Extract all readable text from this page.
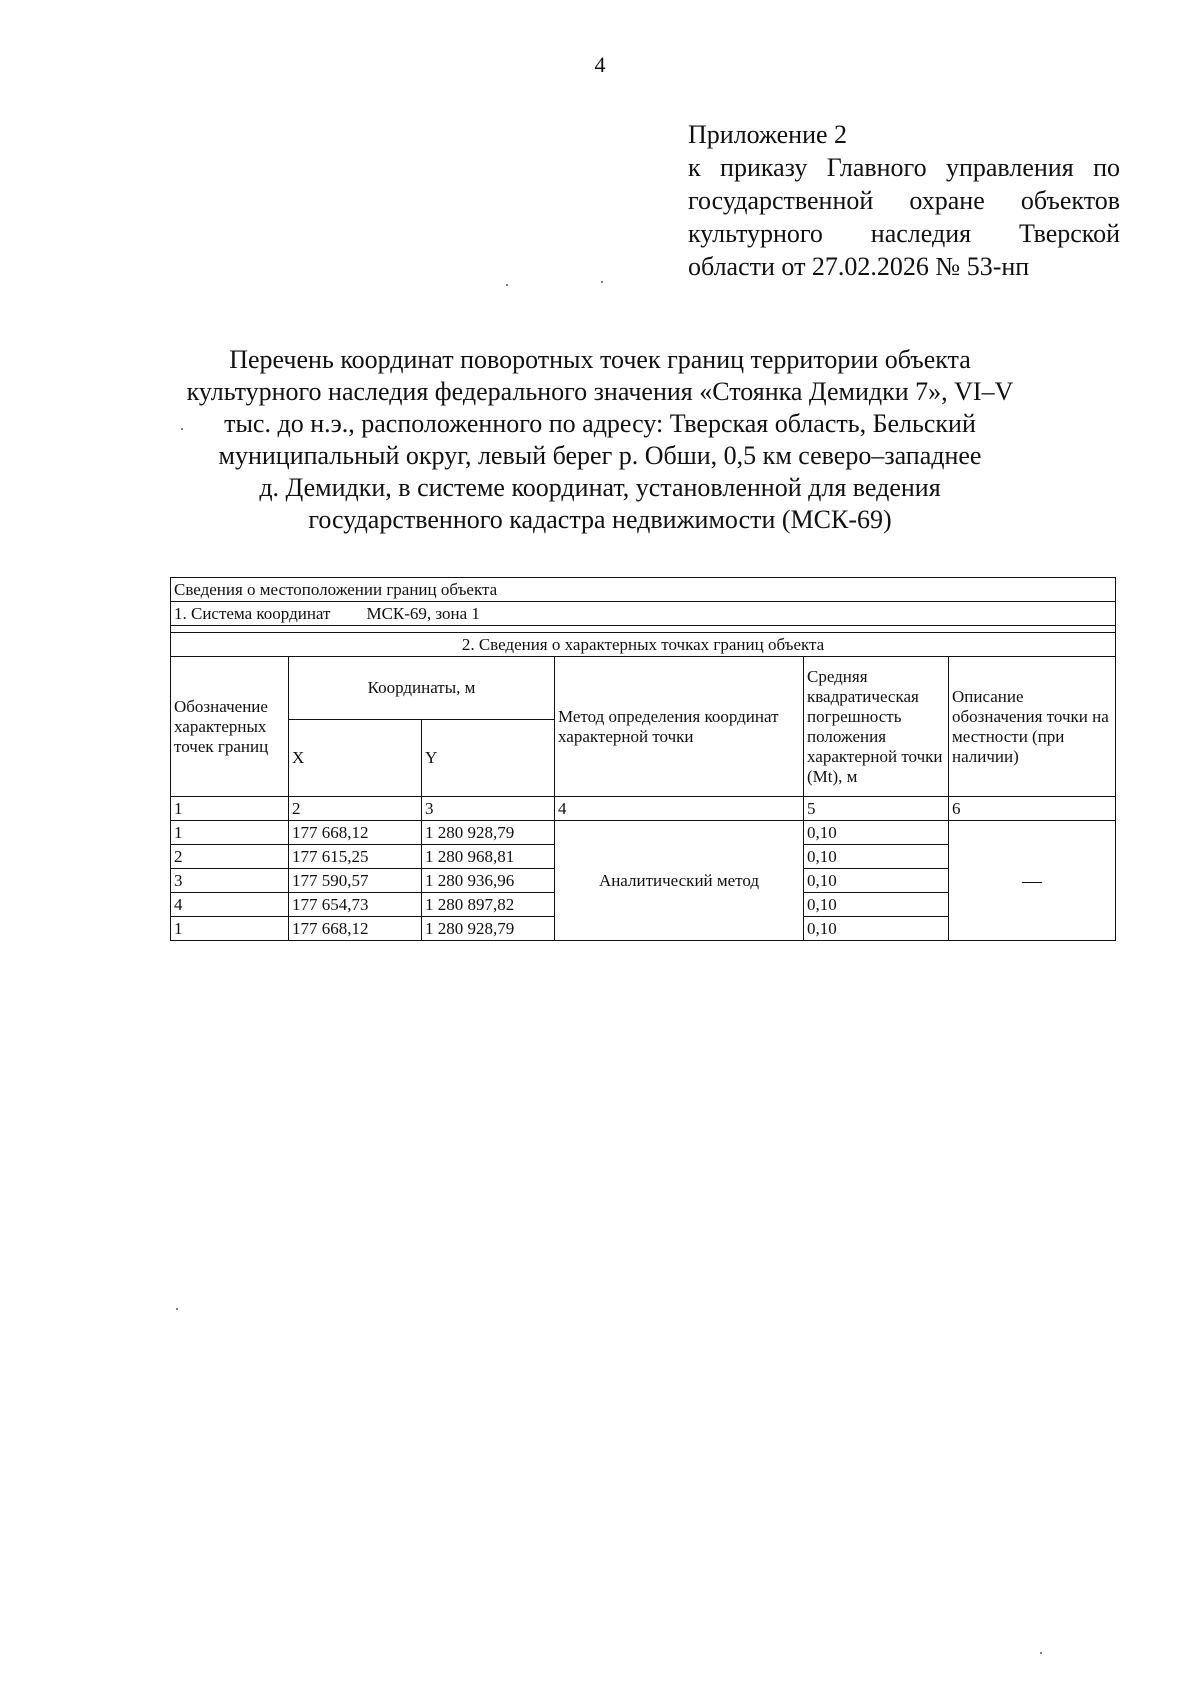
4
Приложение 2
к приказу Главного управления по
государственной охране объектов
культурного наследия Тверской
области от 27.02.2026 № 53-нп
Перечень координат поворотных точек границ территории объекта
культурного наследия федерального значения «Стоянка Демидки 7», VI–V
тыс. до н.э., расположенного по адресу: Тверская область, Бельский
муниципальный округ, левый берег р. Обши, 0,5 км северо–западнее
д. Демидки, в системе координат, установленной для ведения
государственного кадастра недвижимости (МСК-69)
Сведения о местоположении границ объекта					
1. Система координат МСК-69, зона 1					

2. Сведения о характерных точках границ объекта					
Обозначение характерных точек границ	Координаты, м		Метод определения координат характерной точки	Средняя квадратическая погрешность положения характерной точки (Mt), м	Описание обозначения точки на местности (при наличии)
	X	Y			
1	2	3	4	5	6
1	177 668,12	1 280 928,79	Аналитический метод	0,10	—
2	177 615,25	1 280 968,81		0,10	
3	177 590,57	1 280 936,96		0,10	
4	177 654,73	1 280 897,82		0,10	
1	177 668,12	1 280 928,79		0,10	
